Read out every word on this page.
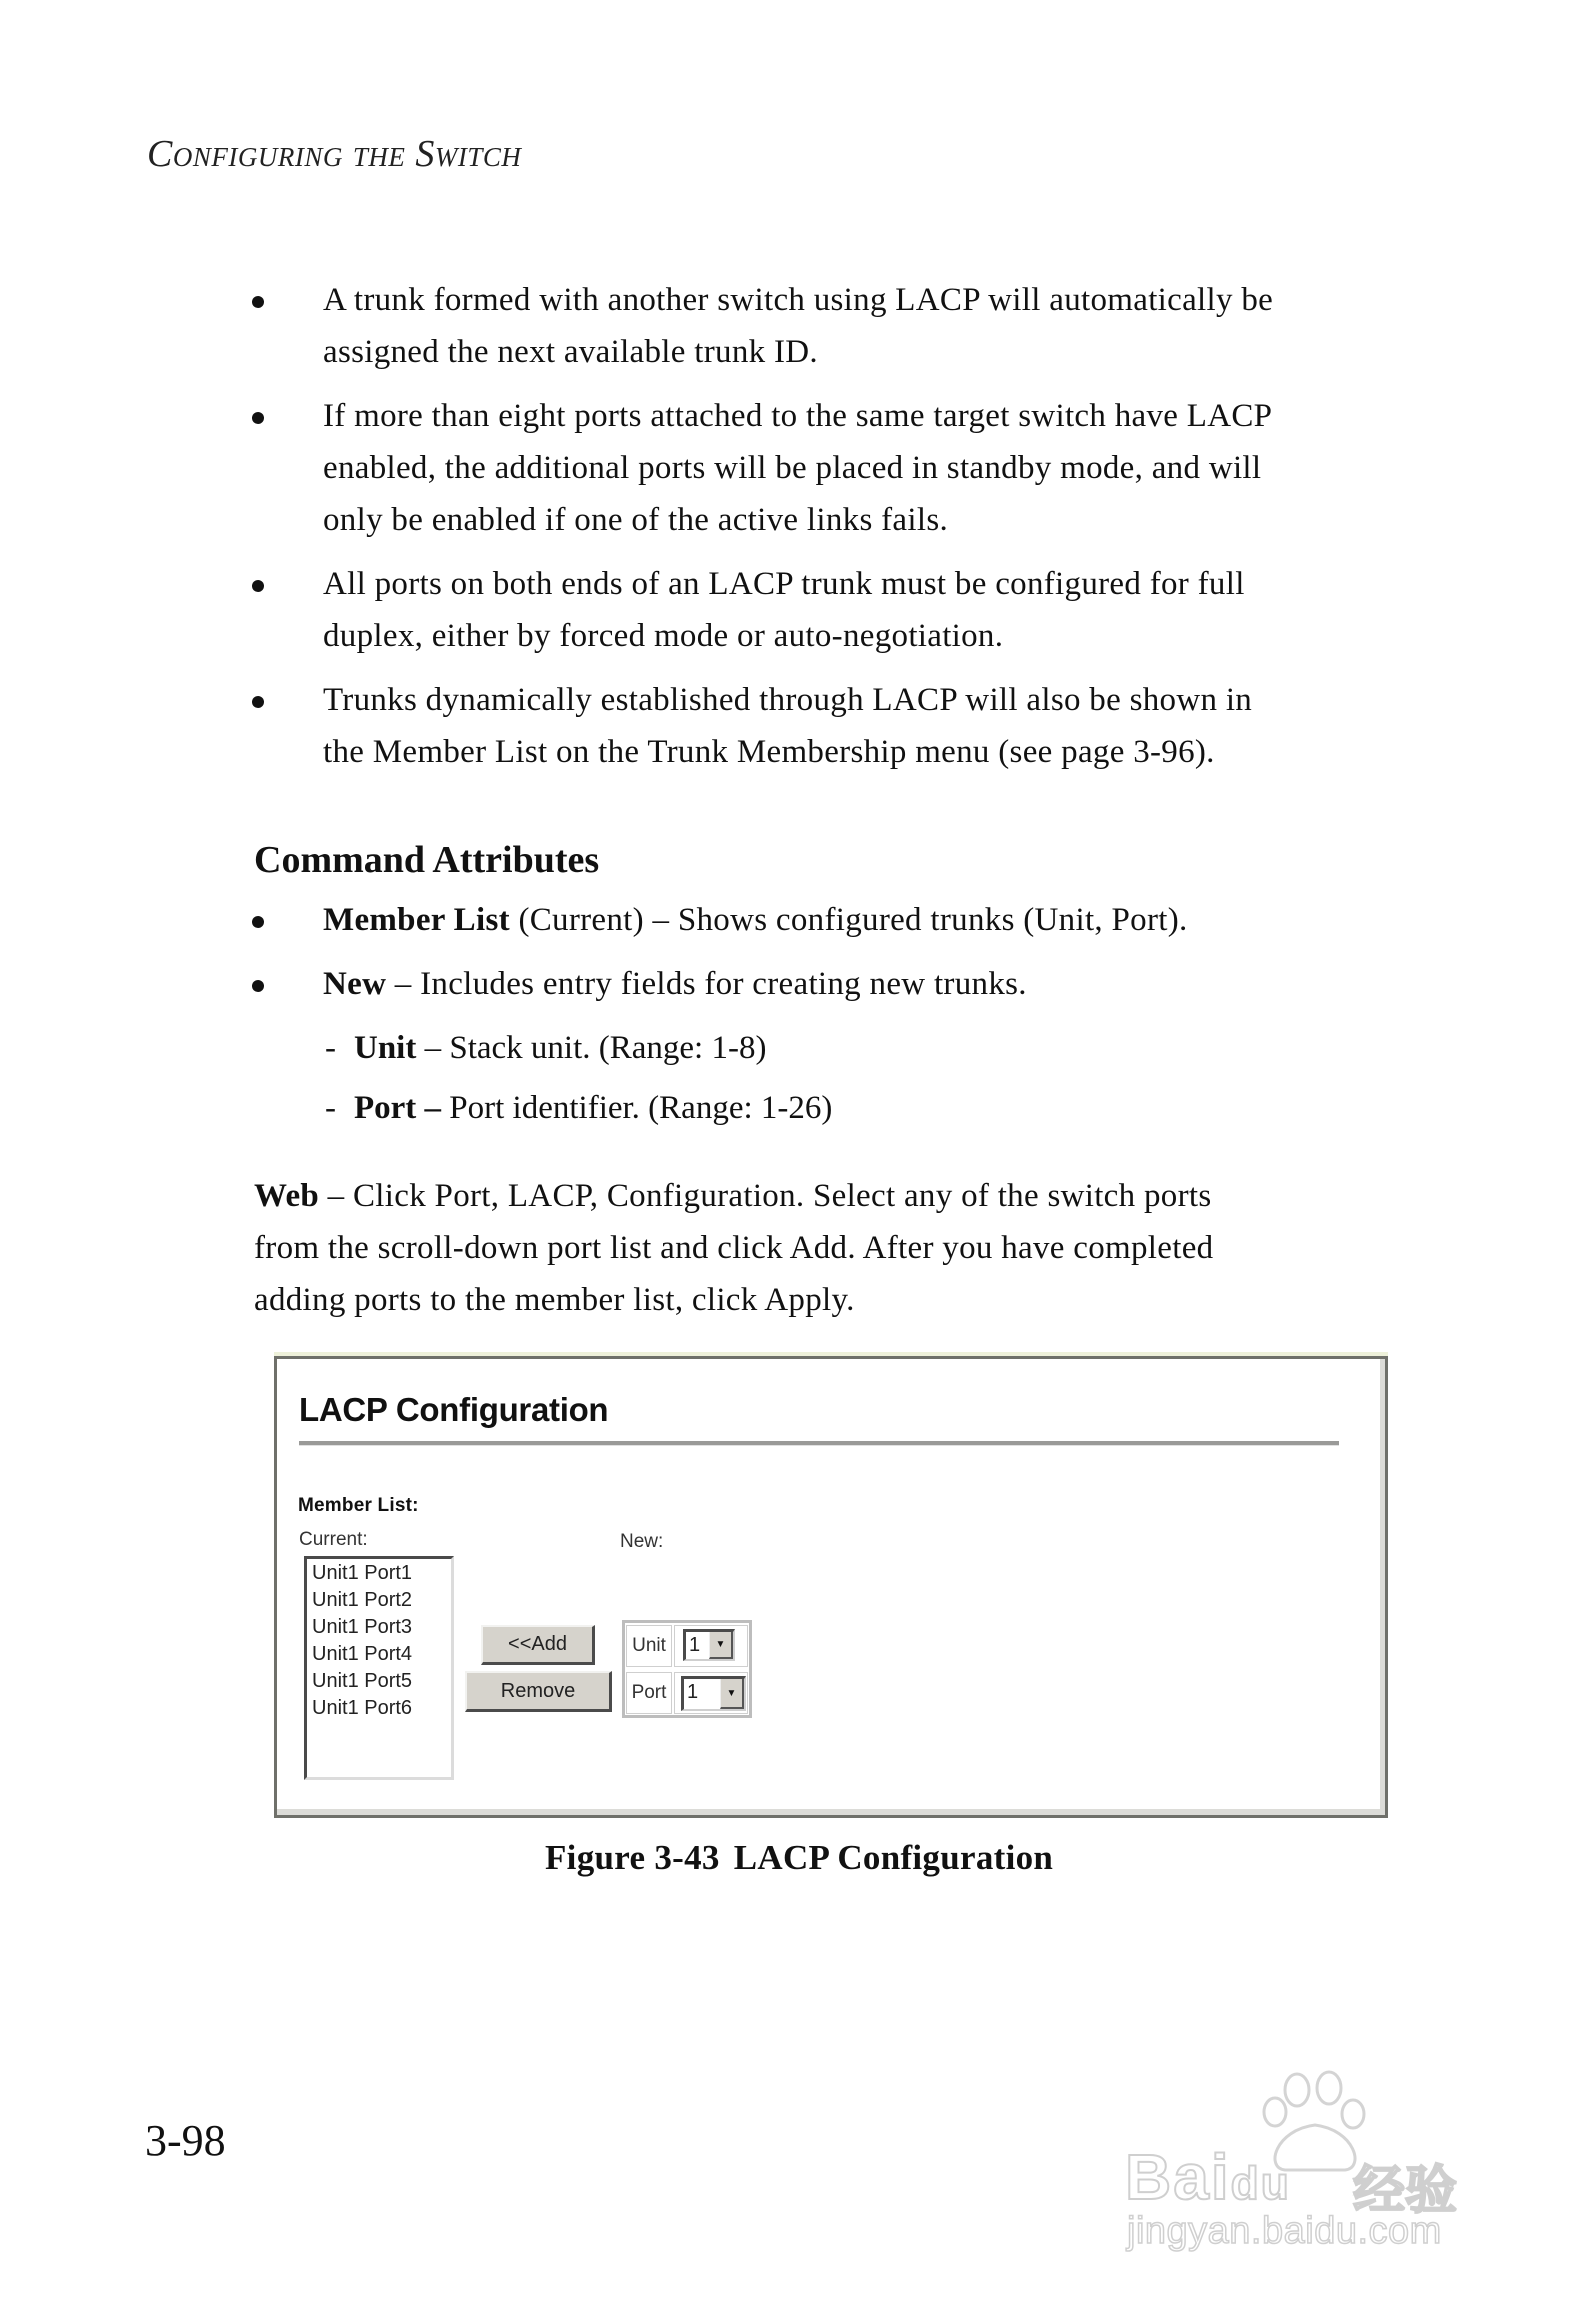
Configuring the Switch
A trunk formed with another switch using LACP will automatically be
assigned the next available trunk ID.
If more than eight ports attached to the same target switch have LACP
enabled, the additional ports will be placed in standby mode, and will
only be enabled if one of the active links fails.
All ports on both ends of an LACP trunk must be configured for full
duplex, either by forced mode or auto-negotiation.
Trunks dynamically established through LACP will also be shown in
the Member List on the Trunk Membership menu (see page 3-96).
Command Attributes
Member List (Current) – Shows configured trunks (Unit, Port).
New – Includes entry fields for creating new trunks.
- Unit – Stack unit. (Range: 1-8)
- Port – Port identifier. (Range: 1-26)
Web – Click Port, LACP, Configuration. Select any of the switch ports
from the scroll-down port list and click Add. After you have completed
adding ports to the member list, click Apply.
LACP Configuration
Member List:
Current:	New:
Unit1 Port1
Unit1 Port2
Unit1 Port3
Unit1 Port4
Unit1 Port5
Unit1 Port6
<<Add
Remove
Unit	1	▼
Port 1	▼
Figure 3-43 LACP Configuration
3-98
Baidu 经验
jingyan.baidu.com
